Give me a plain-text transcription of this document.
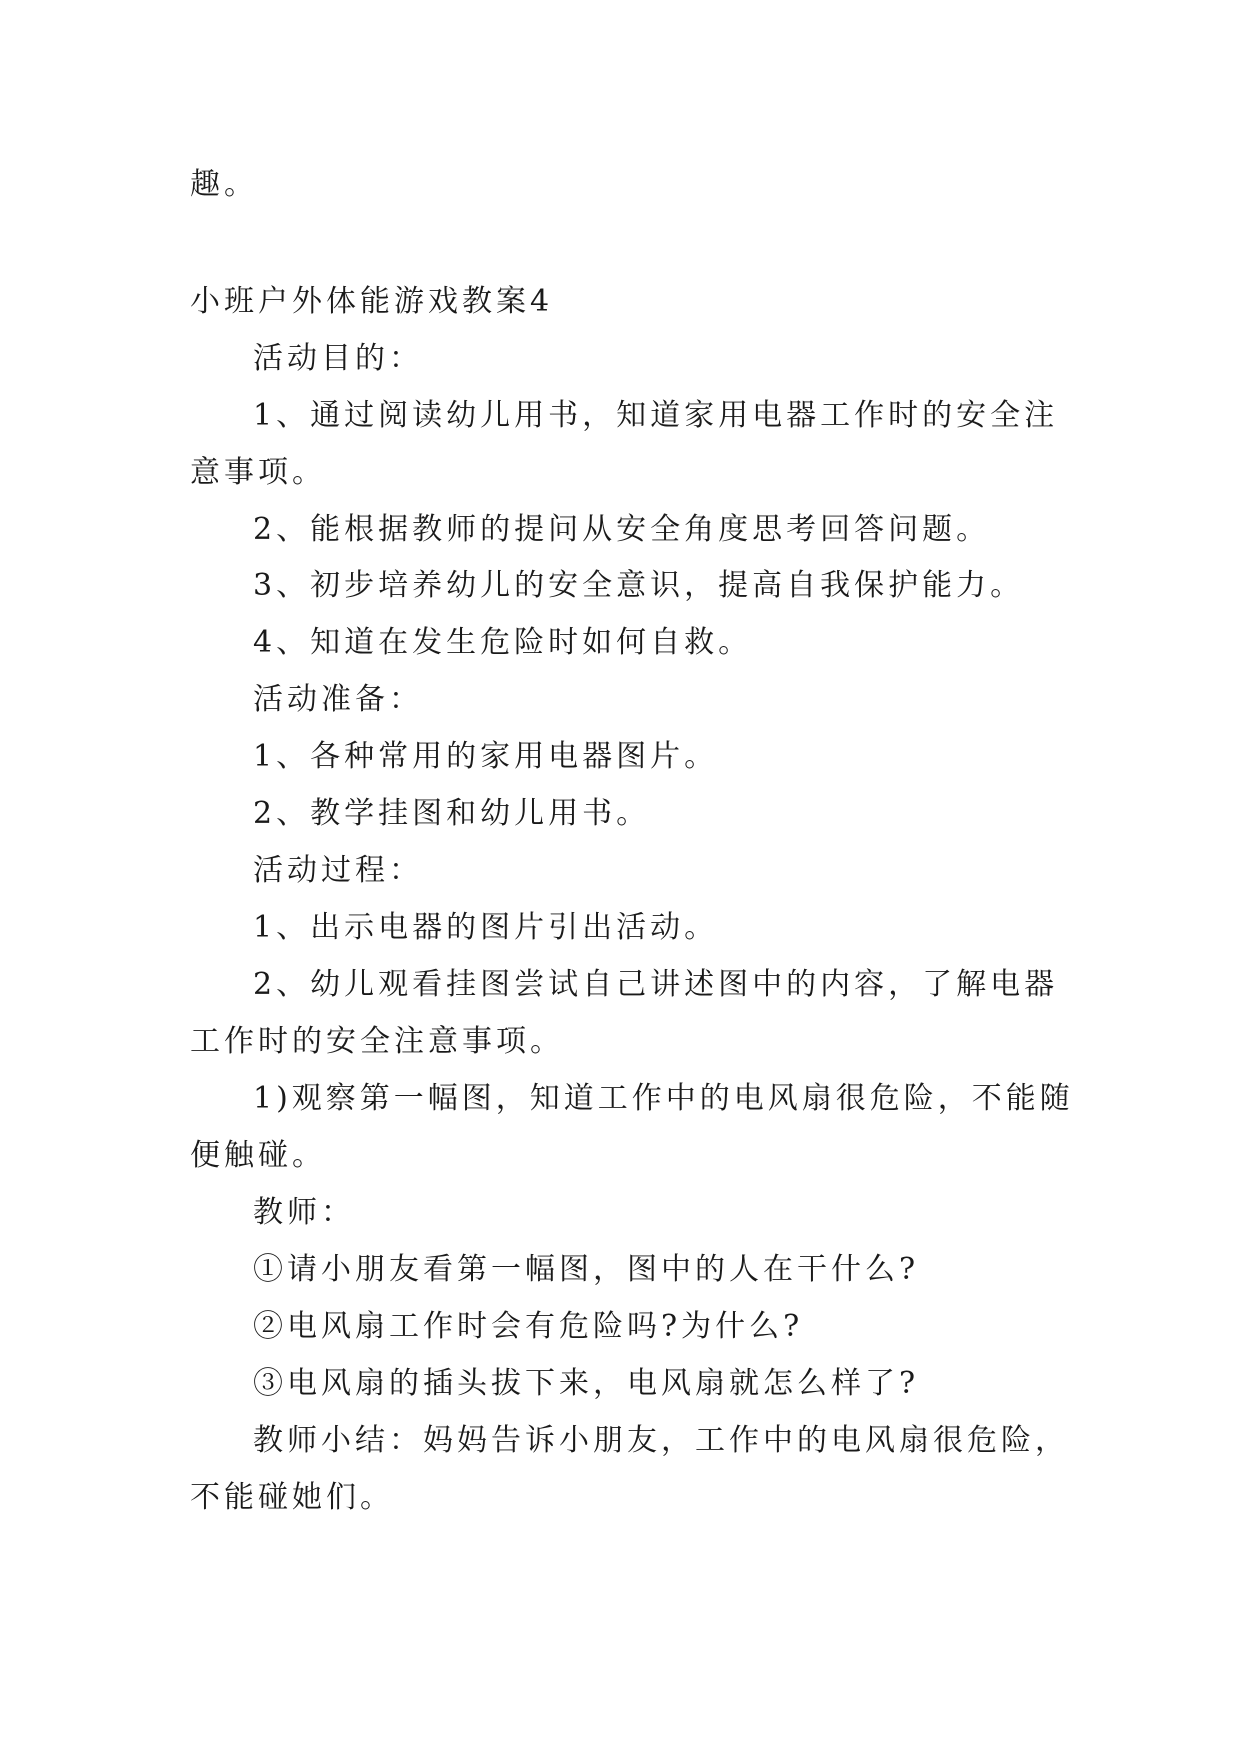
趣。
小班户外体能游戏教案4
活动目的：
1、通过阅读幼儿用书，知道家用电器工作时的安全注
意事项。
2、能根据教师的提问从安全角度思考回答问题。
3、初步培养幼儿的安全意识，提高自我保护能力。
4、知道在发生危险时如何自救。
活动准备：
1、各种常用的家用电器图片。
2、教学挂图和幼儿用书。
活动过程：
1、出示电器的图片引出活动。
2、幼儿观看挂图尝试自己讲述图中的内容，了解电器
工作时的安全注意事项。
1)观察第一幅图，知道工作中的电风扇很危险，不能随
便触碰。
教师：
①请小朋友看第一幅图，图中的人在干什么?
②电风扇工作时会有危险吗?为什么?
③电风扇的插头拔下来，电风扇就怎么样了?
教师小结：妈妈告诉小朋友，工作中的电风扇很危险，
不能碰她们。
